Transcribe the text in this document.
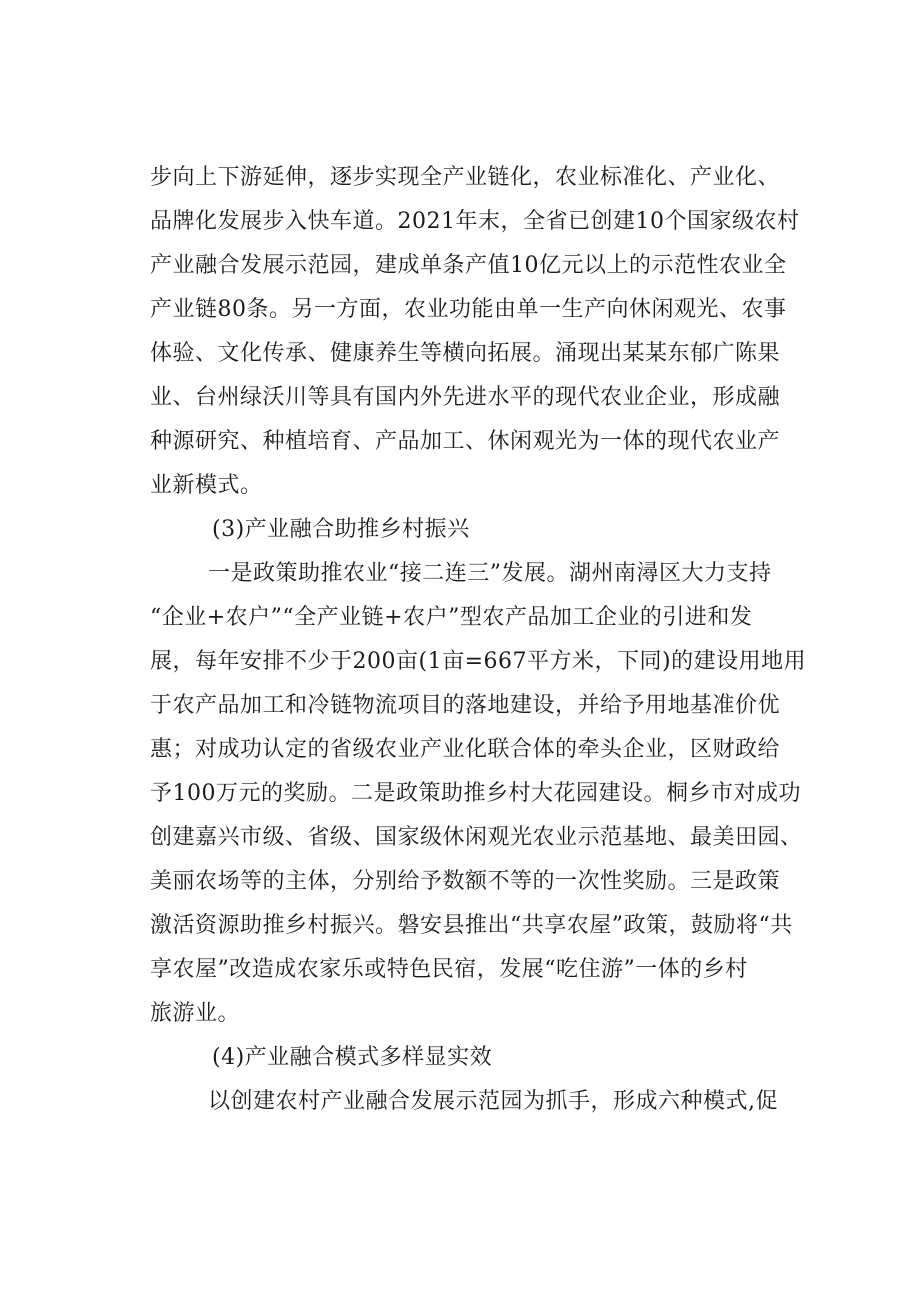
步向上下游延伸，逐步实现全产业链化，农业标准化、产业化、
品牌化发展步入快车道。2021年末，全省已创建10个国家级农村
产业融合发展示范园，建成单条产值10亿元以上的示范性农业全
产业链80条。另一方面，农业功能由单一生产向休闲观光、农事
体验、文化传承、健康养生等横向拓展。涌现出某某东郁广陈果
业、台州绿沃川等具有国内外先进水平的现代农业企业，形成融
种源研究、种植培育、产品加工、休闲观光为一体的现代农业产
业新模式。
(3)产业融合助推乡村振兴
一是政策助推农业“接二连三”发展。湖州南潯区大力支持
“企业+农户”“全产业链+农户”型农产品加工企业的引进和发
展，每年安排不少于200亩(1亩=667平方米，下同)的建设用地用
于农产品加工和冷链物流项目的落地建设，并给予用地基准价优
惠；对成功认定的省级农业产业化联合体的牵头企业，区财政给
予100万元的奖励。二是政策助推乡村大花园建设。桐乡市对成功
创建嘉兴市级、省级、国家级休闲观光农业示范基地、最美田园、
美丽农场等的主体，分别给予数额不等的一次性奖励。三是政策
激活资源助推乡村振兴。磐安县推出“共享农屋”政策，鼓励将“共
享农屋”改造成农家乐或特色民宿，发展“吃住游”一体的乡村
旅游业。
(4)产业融合模式多样显实效
以创建农村产业融合发展示范园为抓手，形成六种模式,促
